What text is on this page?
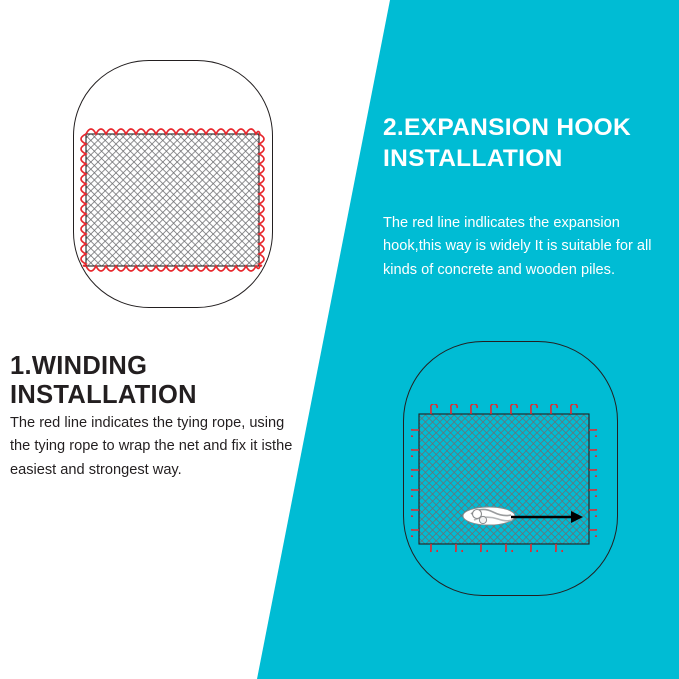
1.WINDING INSTALLATION

The red line indicates the tying rope, using the tying rope to wrap the net and fix it isthe easiest and strongest way.

2.EXPANSION HOOK INSTALLATION

The red line indlicates the expansion hook,this way is widely It is suitable for all kinds of concrete and wooden piles.
